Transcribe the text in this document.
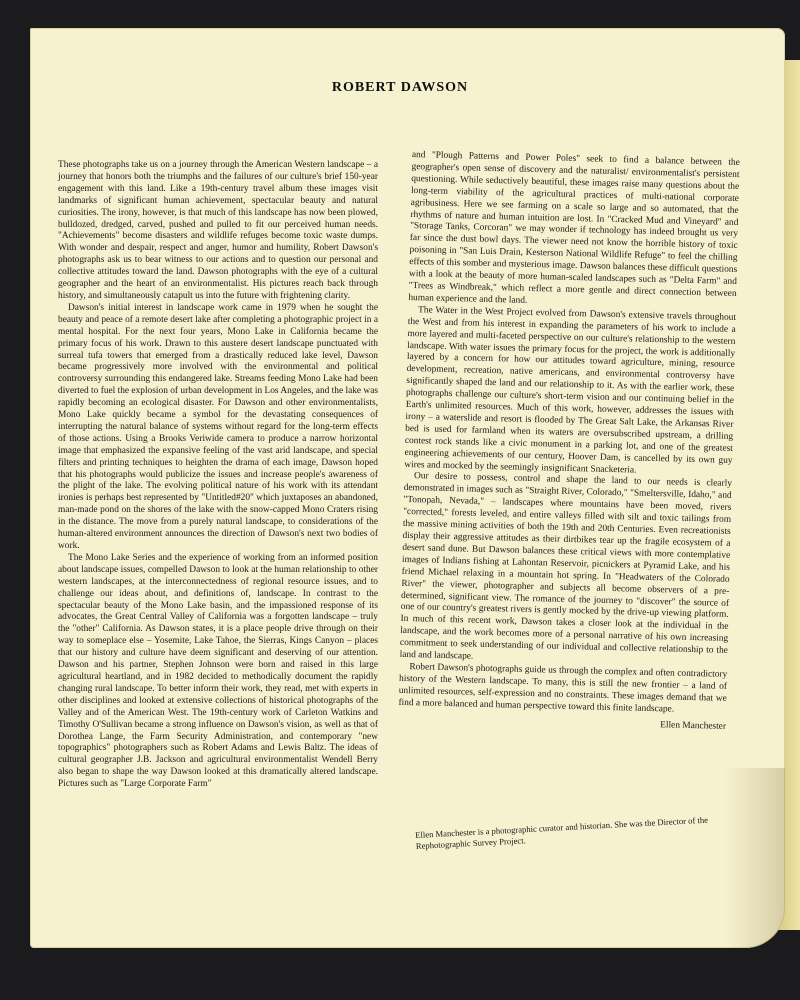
ROBERT DAWSON

These photographs take us on a journey through the American Western landscape – a journey that honors both the triumphs and the failures of our culture's brief 150-year engagement with this land. Like a 19th-century travel album these images visit landmarks of significant human achievement, spectacular beauty and natural curiosities. The irony, however, is that much of this landscape has now been plowed, bulldozed, dredged, carved, pushed and pulled to fit our perceived human needs. "Achievements" become disasters and wildlife refuges become toxic waste dumps. With wonder and despair, respect and anger, humor and humility, Robert Dawson's photographs ask us to bear witness to our actions and to question our personal and collective attitudes toward the land. Dawson photographs with the eye of a cultural geographer and the heart of an environmentalist. His pictures reach back through history, and simultaneously catapult us into the future with frightening clarity.

Dawson's initial interest in landscape work came in 1979 when he sought the beauty and peace of a remote desert lake after completing a photographic project in a mental hospital. For the next four years, Mono Lake in California became the primary focus of his work. Drawn to this austere desert landscape punctuated with surreal tufa towers that emerged from a drastically reduced lake level, Dawson became progressively more involved with the environmental and political controversy surrounding this endangered lake. Streams feeding Mono Lake had been diverted to fuel the explosion of urban development in Los Angeles, and the lake was rapidly becoming an ecological disaster. For Dawson and other environmentalists, Mono Lake quickly became a symbol for the devastating consequences of interrupting the natural balance of systems without regard for the long-term effects of those actions. Using a Brooks Veriwide camera to produce a narrow horizontal image that emphasized the expansive feeling of the vast arid landscape, and special filters and printing techniques to heighten the drama of each image, Dawson hoped that his photographs would publicize the issues and increase people's awareness of the plight of the lake. The evolving political nature of his work with its attendant ironies is perhaps best represented by "Untitled#20" which juxtaposes an abandoned, man-made pond on the shores of the lake with the snow-capped Mono Craters rising in the distance. The move from a purely natural landscape, to considerations of the human-altered environment announces the direction of Dawson's next two bodies of work.

The Mono Lake Series and the experience of working from an informed position about landscape issues, compelled Dawson to look at the human relationship to other western landscapes, at the interconnectedness of regional resource issues, and to challenge our ideas about, and definitions of, landscape. In contrast to the spectacular beauty of the Mono Lake basin, and the impassioned response of its advocates, the Great Central Valley of California was a forgotten landscape – truly the "other" California. As Dawson states, it is a place people drive through on their way to someplace else – Yosemite, Lake Tahoe, the Sierras, Kings Canyon – places that our history and culture have deem significant and deserving of our attention. Dawson and his partner, Stephen Johnson were born and raised in this large agricultural heartland, and in 1982 decided to methodically document the rapidly changing rural landscape. To better inform their work, they read, met with experts in other disciplines and looked at extensive collections of historical photographs of the Valley and of the American West. The 19th-century work of Carleton Watkins and Timothy O'Sullivan became a strong influence on Dawson's vision, as well as that of Dorothea Lange, the Farm Security Administration, and contemporary "new topographics" photographers such as Robert Adams and Lewis Baltz. The ideas of cultural geographer J.B. Jackson and agricultural environmentalist Wendell Berry also began to shape the way Dawson looked at this dramatically altered landscape. Pictures such as "Large Corporate Farm"

and "Plough Patterns and Power Poles" seek to find a balance between the geographer's open sense of discovery and the naturalist/ environmentalist's persistent questioning. While seductively beautiful, these images raise many questions about the long-term viability of the agricultural practices of multi-national corporate agribusiness. Here we see farming on a scale so large and so automated, that the rhythms of nature and human intuition are lost. In "Cracked Mud and Vineyard" and "Storage Tanks, Corcoran" we may wonder if technology has indeed brought us very far since the dust bowl days. The viewer need not know the horrible history of toxic poisoning in "San Luis Drain, Kesterson National Wildlife Refuge" to feel the chilling effects of this somber and mysterious image. Dawson balances these difficult questions with a look at the beauty of more human-scaled landscapes such as "Delta Farm" and "Trees as Windbreak," which reflect a more gentle and direct connection between human experience and the land.

The Water in the West Project evolved from Dawson's extensive travels throughout the West and from his interest in expanding the parameters of his work to include a more layered and multi-faceted perspective on our culture's relationship to the western landscape. With water issues the primary focus for the project, the work is additionally layered by a concern for how our attitudes toward agriculture, mining, resource development, recreation, native americans, and environmental controversy have significantly shaped the land and our relationship to it. As with the earlier work, these photographs challenge our culture's short-term vision and our continuing belief in the Earth's unlimited resources. Much of this work, however, addresses the issues with irony – a waterslide and resort is flooded by The Great Salt Lake, the Arkansas River bed is used for farmland when its waters are oversubscribed upstream, a drilling contest rock stands like a civic monument in a parking lot, and one of the greatest engineering achievements of our century, Hoover Dam, is cancelled by its own guy wires and mocked by the seemingly insignificant Snacketeria.

Our desire to possess, control and shape the land to our needs is clearly demonstrated in images such as "Straight River, Colorado," "Smeltersville, Idaho," and "Tonopah, Nevada," – landscapes where mountains have been moved, rivers "corrected," forests leveled, and entire valleys filled with silt and toxic tailings from the massive mining activities of both the 19th and 20th Centuries. Even recreationists display their aggressive attitudes as their dirtbikes tear up the fragile ecosystem of a desert sand dune. But Dawson balances these critical views with more contemplative images of Indians fishing at Lahontan Reservoir, picnickers at Pyramid Lake, and his friend Michael relaxing in a mountain hot spring. In "Headwaters of the Colorado River" the viewer, photographer and subjects all become observers of a pre-determined, significant view. The romance of the journey to "discover" the source of one of our country's greatest rivers is gently mocked by the drive-up viewing platform. In much of this recent work, Dawson takes a closer look at the individual in the landscape, and the work becomes more of a personal narrative of his own increasing commitment to seek understanding of our individual and collective relationship to the land and landscape.

Robert Dawson's photographs guide us through the complex and often contradictory history of the Western landscape. To many, this is still the new frontier – a land of unlimited resources, self-expression and no constraints. These images demand that we find a more balanced and human perspective toward this finite landscape.

Ellen Manchester
Ellen Manchester is a photographic curator and historian. She was the Director of the Rephotographic Survey Project.
